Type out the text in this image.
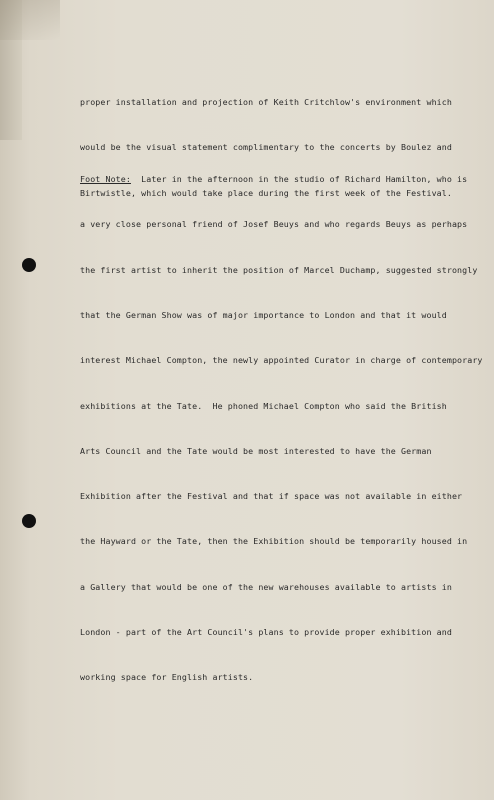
proper installation and projection of Keith Critchlow's environment which

would be the visual statement complimentary to the concerts by Boulez and

Birtwistle, which would take place during the first week of the Festival.

Foot Note:  Later in the afternoon in the studio of Richard Hamilton, who is

a very close personal friend of Josef Beuys and who regards Beuys as perhaps

the first artist to inherit the position of Marcel Duchamp, suggested strongly

that the German Show was of major importance to London and that it would

interest Michael Compton, the newly appointed Curator in charge of contemporary

exhibitions at the Tate.  He phoned Michael Compton who said the British

Arts Council and the Tate would be most interested to have the German

Exhibition after the Festival and that if space was not available in either

the Hayward or the Tate, then the Exhibition should be temporarily housed in

a Gallery that would be one of the new warehouses available to artists in

London - part of the Art Council's plans to provide proper exhibition and

working space for English artists.
